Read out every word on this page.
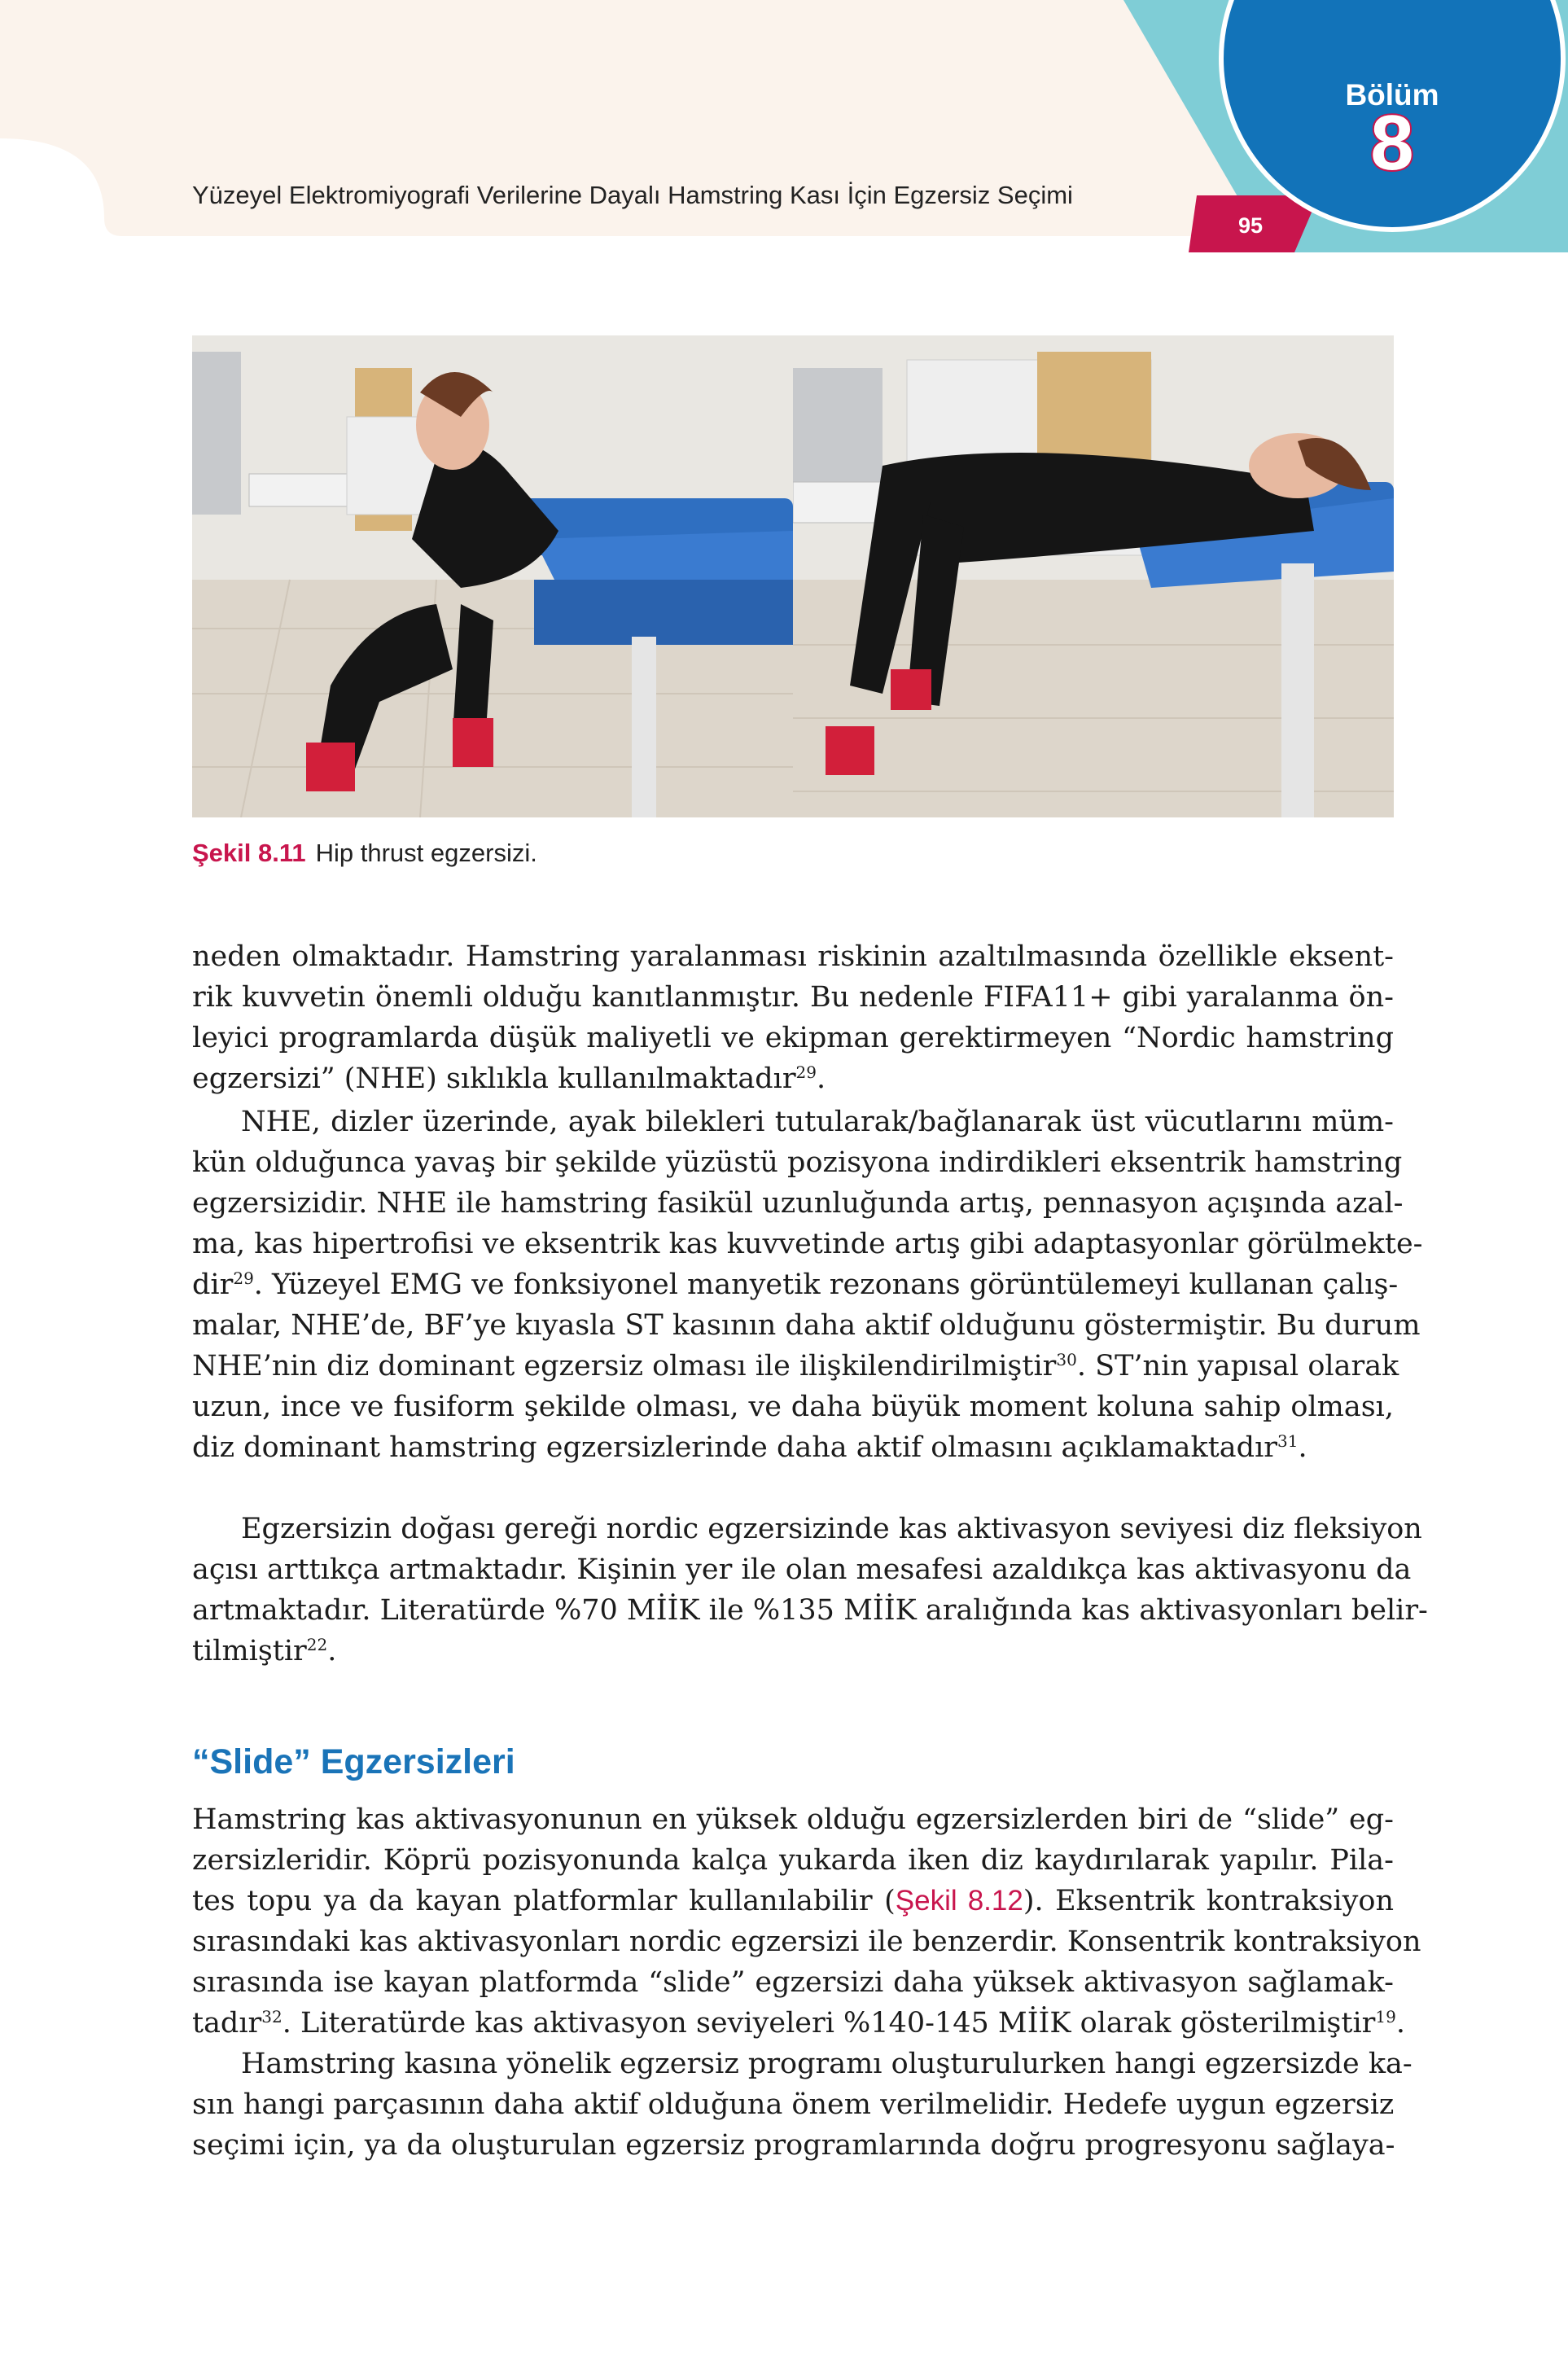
Yüzeyel Elektromiyografi Verilerine Dayalı Hamstring Kası İçin Egzersiz Seçimi
95
Bölüm
8
Şekil 8.11 Hip thrust egzersizi.
neden olmaktadır. Hamstring yaralanması riskinin azaltılmasında özellikle eksent-
rik kuvvetin önemli olduğu kanıtlanmıştır. Bu nedenle FIFA11+ gibi yaralanma ön-
leyici programlarda düşük maliyetli ve ekipman gerektirmeyen “Nordic hamstring
egzersizi” (NHE) sıklıkla kullanılmaktadır$^{29}$.
NHE, dizler üzerinde, ayak bilekleri tutularak/bağlanarak üst vücutlarını müm-
kün olduğunca yavaş bir şekilde yüzüstü pozisyona indirdikleri eksentrik hamstring
egzersizidir. NHE ile hamstring fasikül uzunluğunda artış, pennasyon açışında azal-
ma, kas hipertrofisi ve eksentrik kas kuvvetinde artış gibi adaptasyonlar görülmekte-
dir$^{29}$. Yüzeyel EMG ve fonksiyonel manyetik rezonans görüntülemeyi kullanan çalış-
malar, NHE’de, BF’ye kıyasla ST kasının daha aktif olduğunu göstermiştir. Bu durum
NHE’nin diz dominant egzersiz olması ile ilişkilendirilmiştir$^{30}$. ST’nin yapısal olarak
uzun, ince ve fusiform şekilde olması, ve daha büyük moment koluna sahip olması,
diz dominant hamstring egzersizlerinde daha aktif olmasını açıklamaktadır$^{31}$.
Egzersizin doğası gereği nordic egzersizinde kas aktivasyon seviyesi diz fleksiyon
açısı arttıkça artmaktadır. Kişinin yer ile olan mesafesi azaldıkça kas aktivasyonu da
artmaktadır. Literatürde %70 MİİK ile %135 MİİK aralığında kas aktivasyonları belir-
tilmiştir$^{22}$.
“Slide” Egzersizleri
Hamstring kas aktivasyonunun en yüksek olduğu egzersizlerden biri de “slide” eg-
zersizleridir. Köprü pozisyonunda kalça yukarda iken diz kaydırılarak yapılır. Pila-
tes topu ya da kayan platformlar kullanılabilir (Şekil 8.12). Eksentrik kontraksiyon
sırasındaki kas aktivasyonları nordic egzersizi ile benzerdir. Konsentrik kontraksiyon
sırasında ise kayan platformda “slide” egzersizi daha yüksek aktivasyon sağlamak-
tadır$^{32}$. Literatürde kas aktivasyon seviyeleri %140-145 MİİK olarak gösterilmiştir$^{19}$.
Hamstring kasına yönelik egzersiz programı oluşturulurken hangi egzersizde ka-
sın hangi parçasının daha aktif olduğuna önem verilmelidir. Hedefe uygun egzersiz
seçimi için, ya da oluşturulan egzersiz programlarında doğru progresyonu sağlaya-
